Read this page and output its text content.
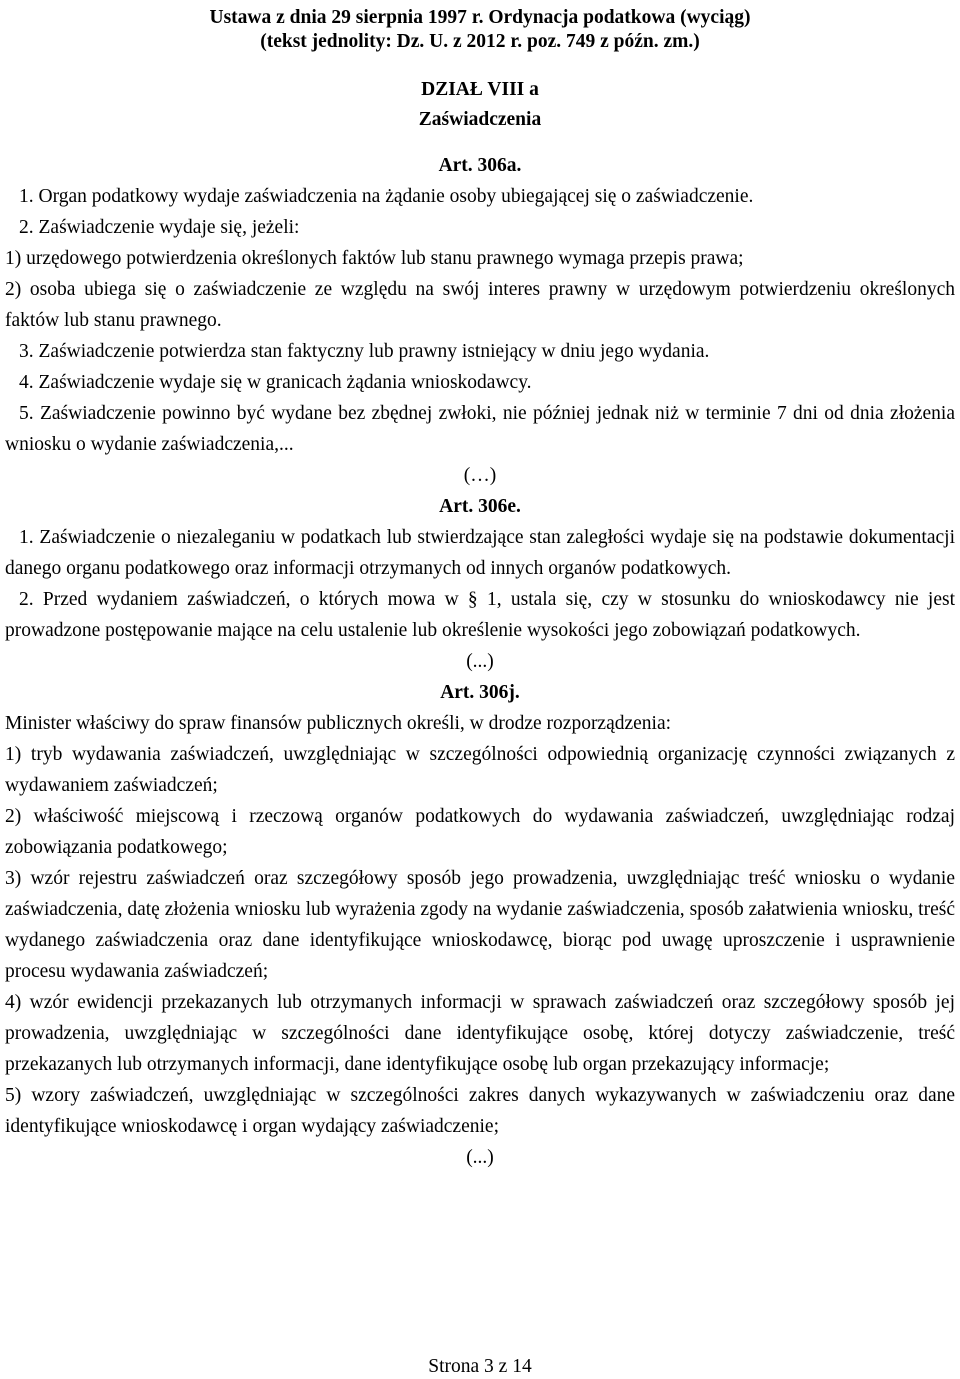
Ustawa z dnia 29 sierpnia 1997 r. Ordynacja podatkowa (wyciąg)
(tekst jednolity: Dz. U. z 2012 r. poz. 749 z późn. zm.)
DZIAŁ VIII a
Zaświadczenia
Art. 306a.

1. Organ podatkowy wydaje zaświadczenia na żądanie osoby ubiegającej się o zaświadczenie.

2. Zaświadczenie wydaje się, jeżeli:

1) urzędowego potwierdzenia określonych faktów lub stanu prawnego wymaga przepis prawa;

2) osoba ubiega się o zaświadczenie ze względu na swój interes prawny w urzędowym potwierdzeniu określonych faktów lub stanu prawnego.

3. Zaświadczenie potwierdza stan faktyczny lub prawny istniejący w dniu jego wydania.

4. Zaświadczenie wydaje się w granicach żądania wnioskodawcy.

5. Zaświadczenie powinno być wydane bez zbędnej zwłoki, nie później jednak niż w terminie 7 dni od dnia złożenia wniosku o wydanie zaświadczenia,...

(…)
Art. 306e.

1. Zaświadczenie o niezaleganiu w podatkach lub stwierdzające stan zaległości wydaje się na podstawie dokumentacji danego organu podatkowego oraz informacji otrzymanych od innych organów podatkowych.

2. Przed wydaniem zaświadczeń, o których mowa w § 1, ustala się, czy w stosunku do wnioskodawcy nie jest prowadzone postępowanie mające na celu ustalenie lub określenie wysokości jego zobowiązań podatkowych.

(...)
Art. 306j.

Minister właściwy do spraw finansów publicznych określi, w drodze rozporządzenia:

1) tryb wydawania zaświadczeń, uwzględniając w szczególności odpowiednią organizację czynności związanych z wydawaniem zaświadczeń;

2) właściwość miejscową i rzeczową organów podatkowych do wydawania zaświadczeń, uwzględniając rodzaj zobowiązania podatkowego;

3) wzór rejestru zaświadczeń oraz szczegółowy sposób jego prowadzenia, uwzględniając treść wniosku o wydanie zaświadczenia, datę złożenia wniosku lub wyrażenia zgody na wydanie zaświadczenia, sposób załatwienia wniosku, treść wydanego zaświadczenia oraz dane identyfikujące wnioskodawcę, biorąc pod uwagę uproszczenie i usprawnienie procesu wydawania zaświadczeń;

4) wzór ewidencji przekazanych lub otrzymanych informacji w sprawach zaświadczeń oraz szczegółowy sposób jej prowadzenia, uwzględniając w szczególności dane identyfikujące osobę, której dotyczy zaświadczenie, treść przekazanych lub otrzymanych informacji, dane identyfikujące osobę lub organ przekazujący informacje;

5) wzory zaświadczeń, uwzględniając w szczególności zakres danych wykazywanych w zaświadczeniu oraz dane identyfikujące wnioskodawcę i organ wydający zaświadczenie;

(...)
Strona 3 z 14
